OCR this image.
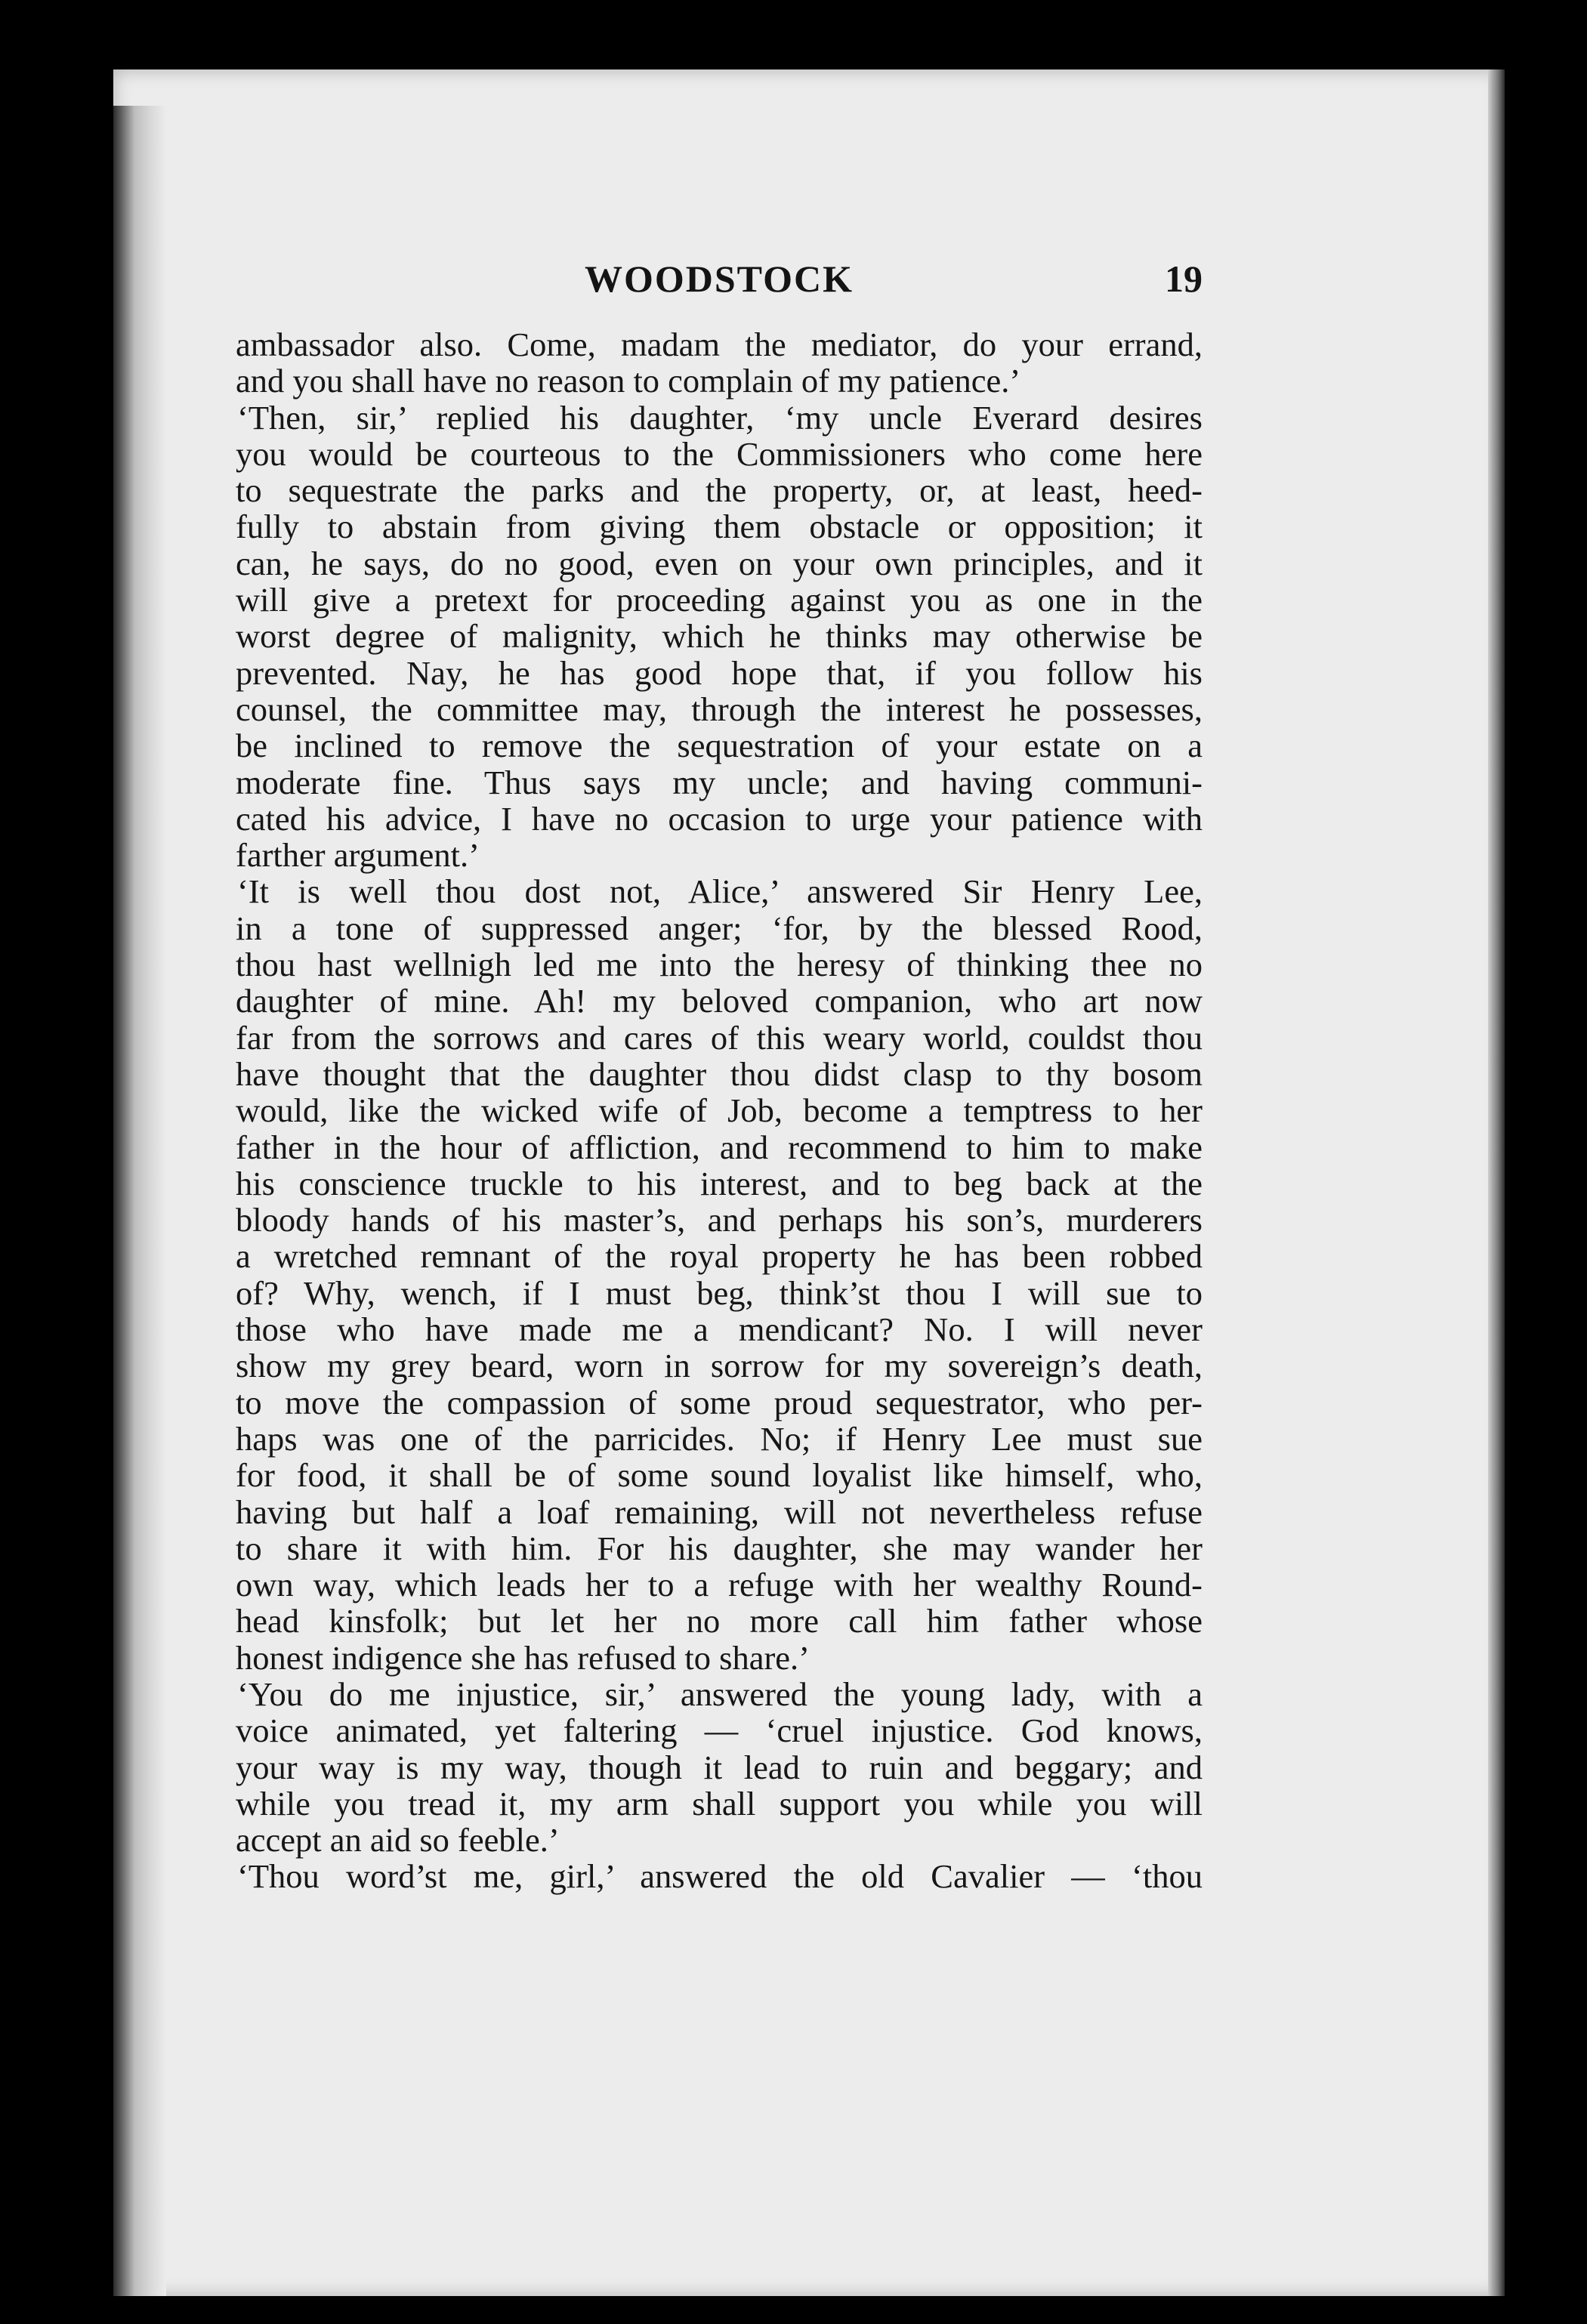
WOODSTOCK	19
ambassador also. Come, madam the mediator, do your errand,
and you shall have no reason to complain of my patience.’
‘Then, sir,’ replied his daughter, ‘my uncle Everard desires
you would be courteous to the Commissioners who come here
to sequestrate the parks and the property, or, at least, heed-
fully to abstain from giving them obstacle or opposition; it
can, he says, do no good, even on your own principles, and it
will give a pretext for proceeding against you as one in the
worst degree of malignity, which he thinks may otherwise be
prevented. Nay, he has good hope that, if you follow his
counsel, the committee may, through the interest he possesses,
be inclined to remove the sequestration of your estate on a
moderate fine. Thus says my uncle; and having communi-
cated his advice, I have no occasion to urge your patience with
farther argument.’
‘It is well thou dost not, Alice,’ answered Sir Henry Lee,
in a tone of suppressed anger; ‘for, by the blessed Rood,
thou hast wellnigh led me into the heresy of thinking thee no
daughter of mine. Ah! my beloved companion, who art now
far from the sorrows and cares of this weary world, couldst thou
have thought that the daughter thou didst clasp to thy bosom
would, like the wicked wife of Job, become a temptress to her
father in the hour of affliction, and recommend to him to make
his conscience truckle to his interest, and to beg back at the
bloody hands of his master’s, and perhaps his son’s, murderers
a wretched remnant of the royal property he has been robbed
of? Why, wench, if I must beg, think’st thou I will sue to
those who have made me a mendicant? No. I will never
show my grey beard, worn in sorrow for my sovereign’s death,
to move the compassion of some proud sequestrator, who per-
haps was one of the parricides. No; if Henry Lee must sue
for food, it shall be of some sound loyalist like himself, who,
having but half a loaf remaining, will not nevertheless refuse
to share it with him. For his daughter, she may wander her
own way, which leads her to a refuge with her wealthy Round-
head kinsfolk; but let her no more call him father whose
honest indigence she has refused to share.’
‘You do me injustice, sir,’ answered the young lady, with a
voice animated, yet faltering — ‘cruel injustice. God knows,
your way is my way, though it lead to ruin and beggary; and
while you tread it, my arm shall support you while you will
accept an aid so feeble.’
‘Thou word’st me, girl,’ answered the old Cavalier — ‘thou
